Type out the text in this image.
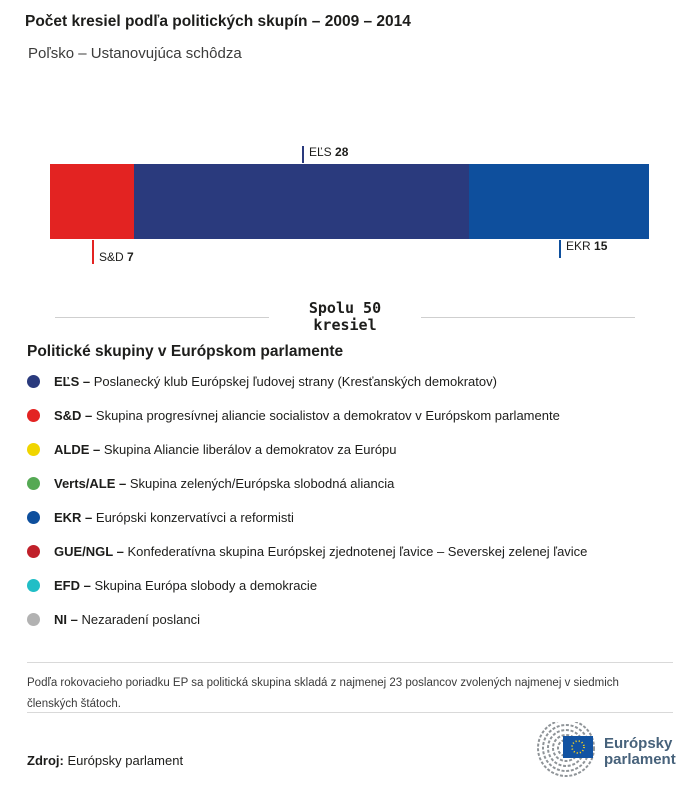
Počet kresiel podľa politických skupín – 2009 – 2014
Poľsko – Ustanovujúca schôdza
S&D 7
EĽS 28
EKR 15
Spolu 50
kresiel
Politické skupiny v Európskom parlamente
EĽS – Poslanecký klub Európskej ľudovej strany (Kresťanských demokratov)
S&D – Skupina progresívnej aliancie socialistov a demokratov v Európskom parlamente
ALDE – Skupina Aliancie liberálov a demokratov za Európu
Verts/ALE – Skupina zelených/Európska slobodná aliancia
EKR – Európski konzervatívci a reformisti
GUE/NGL – Konfederatívna skupina Európskej zjednotenej ľavice – Severskej zelenej ľavice
EFD – Skupina Európa slobody a demokracie
NI – Nezaradení poslanci
Podľa rokovacieho poriadku EP sa politická skupina skladá z najmenej 23 poslancov zvolených najmenej v siedmich členských štátoch.
Zdroj: Európsky parlament
Európsky
parlament
